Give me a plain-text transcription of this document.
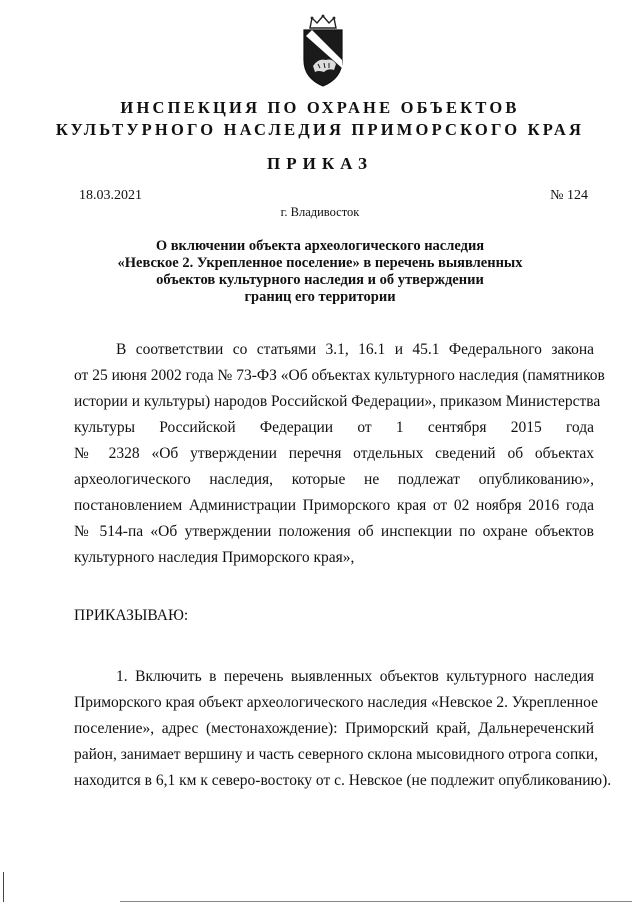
ИНСПЕКЦИЯ ПО ОХРАНЕ ОБЪЕКТОВ

КУЛЬТУРНОГО НАСЛЕДИЯ ПРИМОРСКОГО КРАЯ

ПРИКАЗ

18.03.2021	№ 124
г. Владивосток
О включении объекта археологического наследия
«Невское 2. Укрепленное поселение» в перечень выявленных
объектов культурного наследия и об утверждении
границ его территории
В соответствии со статьями 3.1, 16.1 и 45.1 Федерального закона
от 25 июня 2002 года № 73-ФЗ «Об объектах культурного наследия (памятников
истории и культуры) народов Российской Федерации», приказом Министерства
культуры Российской Федерации от 1 сентября 2015 года
№ 2328 «Об утверждении перечня отдельных сведений об объектах
археологического наследия, которые не подлежат опубликованию»,
постановлением Администрации Приморского края от 02 ноября 2016 года
№ 514-па «Об утверждении положения об инспекции по охране объектов
культурного наследия Приморского края»,
ПРИКАЗЫВАЮ:
1. Включить в перечень выявленных объектов культурного наследия
Приморского края объект археологического наследия «Невское 2. Укрепленное
поселение», адрес (местонахождение): Приморский край, Дальнереченский
район, занимает вершину и часть северного склона мысовидного отрога сопки,
находится в 6,1 км к северо-востоку от с. Невское (не подлежит опубликованию).
